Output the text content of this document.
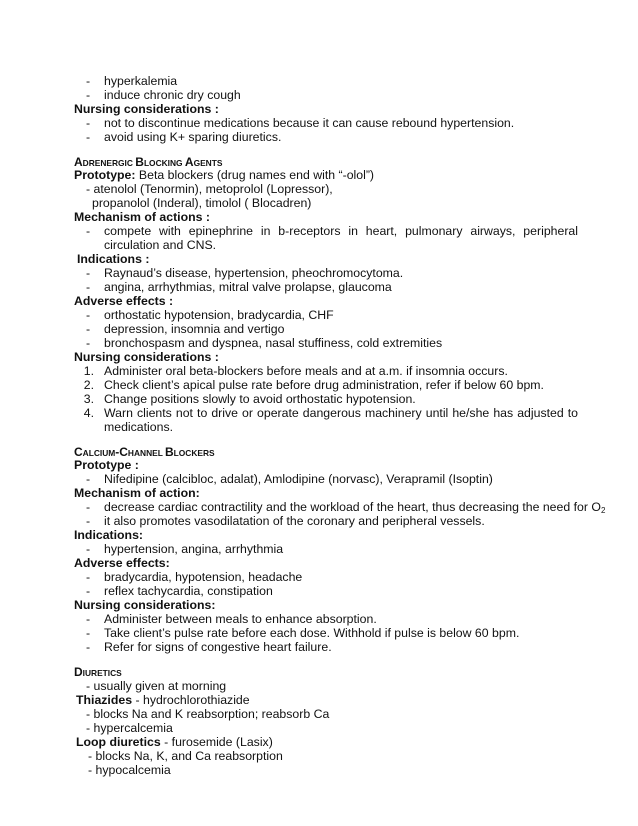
- hyperkalemia
- induce chronic dry cough
Nursing considerations :
- not to discontinue medications because it can cause rebound hypertension.
- avoid using K+ sparing diuretics.
ADRENERGIC BLOCKING AGENTS
Prototype: Beta blockers (drug names end with “-olol”)
- atenolol (Tenormin), metoprolol (Lopressor),
propanolol (Inderal), timolol ( Blocadren)
Mechanism of actions :
- compete with epinephrine in b-receptors in heart, pulmonary airways, peripheral
circulation and CNS.
Indications :
- Raynaud’s disease, hypertension, pheochromocytoma.
- angina, arrhythmias, mitral valve prolapse, glaucoma
Adverse effects :
- orthostatic hypotension, bradycardia, CHF
- depression, insomnia and vertigo
- bronchospasm and dyspnea, nasal stuffiness, cold extremities
Nursing considerations :
1. Administer oral beta-blockers before meals and at a.m. if insomnia occurs.
2. Check client’s apical pulse rate before drug administration, refer if below 60 bpm.
3. Change positions slowly to avoid orthostatic hypotension.
4. Warn clients not to drive or operate dangerous machinery until he/she has adjusted to
medications.
CALCIUM-CHANNEL BLOCKERS
Prototype :
- Nifedipine (calcibloc, adalat), Amlodipine (norvasc), Verapramil (Isoptin)
Mechanism of action:
- decrease cardiac contractility and the workload of the heart, thus decreasing the need for $O_2$
- it also promotes vasodilatation of the coronary and peripheral vessels.
Indications:
- hypertension, angina, arrhythmia
Adverse effects:
- bradycardia, hypotension, headache
- reflex tachycardia, constipation
Nursing considerations:
- Administer between meals to enhance absorption.
- Take client’s pulse rate before each dose. Withhold if pulse is below 60 bpm.
- Refer for signs of congestive heart failure.
DIURETICS
- usually given at morning
Thiazides - hydrochlorothiazide
- blocks Na and K reabsorption; reabsorb Ca
- hypercalcemia
Loop diuretics - furosemide (Lasix)
- blocks Na, K, and Ca reabsorption
- hypocalcemia
